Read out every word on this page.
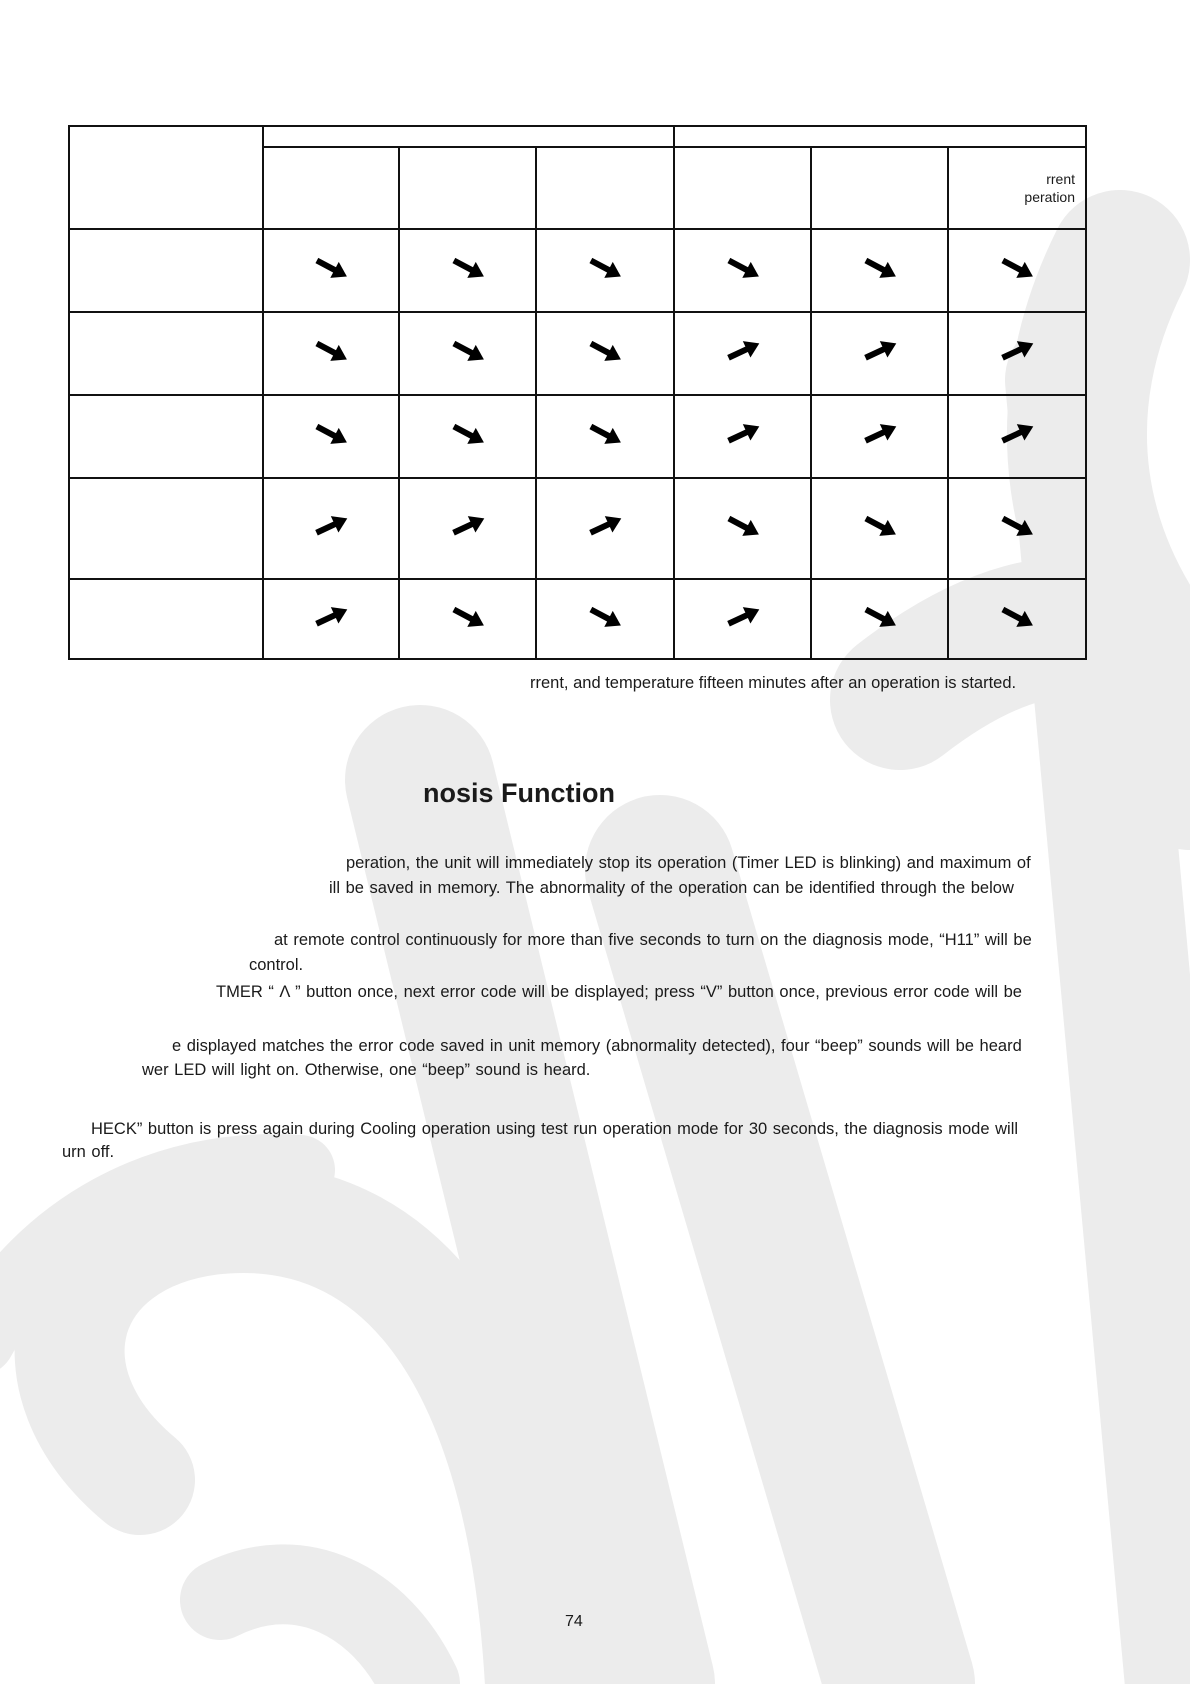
						rrent
peration

rrent, and temperature fifteen minutes after an operation is started.
nosis Function
peration, the unit will immediately stop its operation (Timer LED is blinking) and maximum of
ill be saved in memory. The abnormality of the operation can be identified through the below
at remote control continuously for more than five seconds to turn on the diagnosis mode, “H11” will be
control.
TMER “ Λ ” button once, next error code will be displayed; press “V” button once, previous error code will be
e displayed matches the error code saved in unit memory (abnormality detected), four “beep” sounds will be heard
wer LED will light on. Otherwise, one “beep” sound is heard.
HECK” button is press again during Cooling operation using test run operation mode for 30 seconds, the diagnosis mode will
urn off.
74
